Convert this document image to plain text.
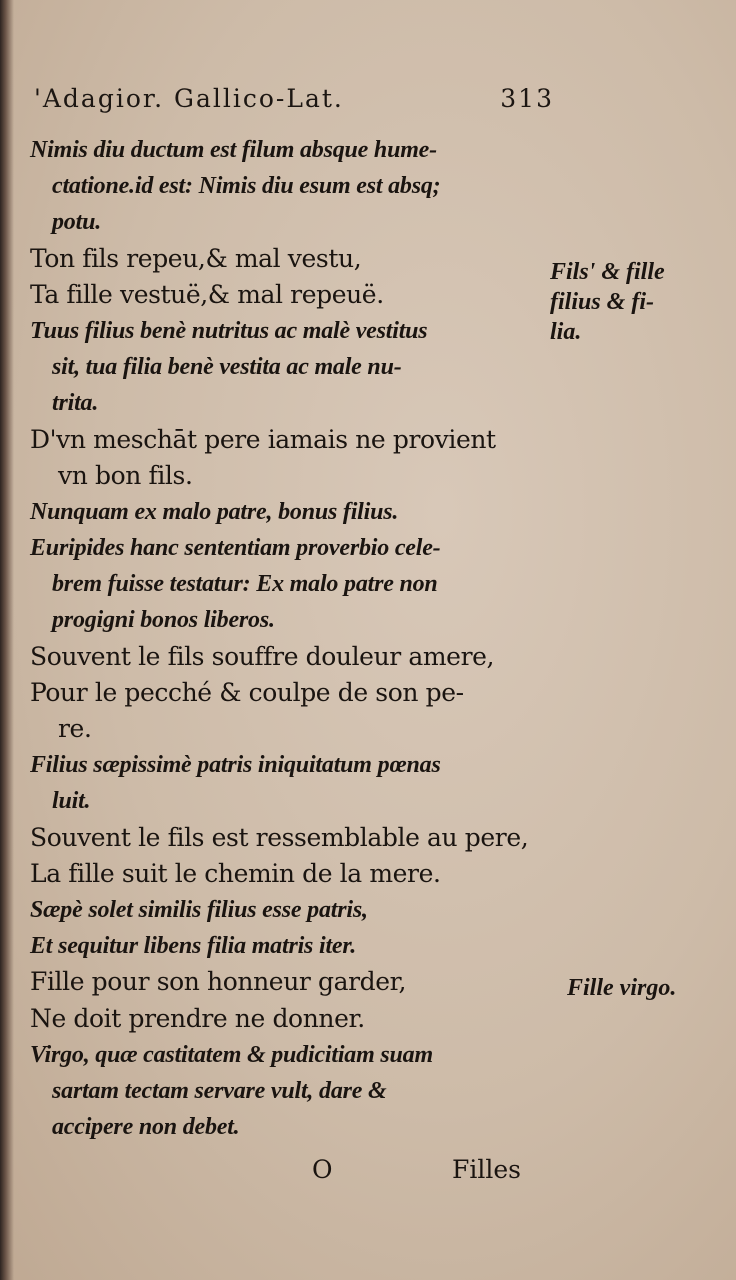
'Adagior. Gallico-Lat.	313
Nimis diu ductum est filum absque hume-
ctatione.id est: Nimis diu esum est absq;
potu.
Ton fils repeu,& mal vestu,
Ta fille vestuë,& mal repeuë.
Tuus filius benè nutritus ac malè vestitus
sit, tua filia benè vestita ac male nu-
trita.
D'vn meschāt pere iamais ne provient
vn bon fils.
Nunquam ex malo patre, bonus filius.
Euripides hanc sententiam proverbio cele-
brem fuisse testatur: Ex malo patre non
progigni bonos liberos.
Souvent le fils souffre douleur amere,
Pour le pecché & coulpe de son pe-
re.
Filius sæpissimè patris iniquitatum pœnas
luit.
Souvent le fils est ressemblable au pere,
La fille suit le chemin de la mere.
Sæpè solet similis filius esse patris,
Et sequitur libens filia matris iter.
Fille pour son honneur garder,
Ne doit prendre ne donner.
Virgo, quæ castitatem & pudicitiam suam
sartam tectam servare vult, dare &
accipere non debet.
Fils' & fille
filius & fi-
lia.
Fille virgo.
O	Filles
